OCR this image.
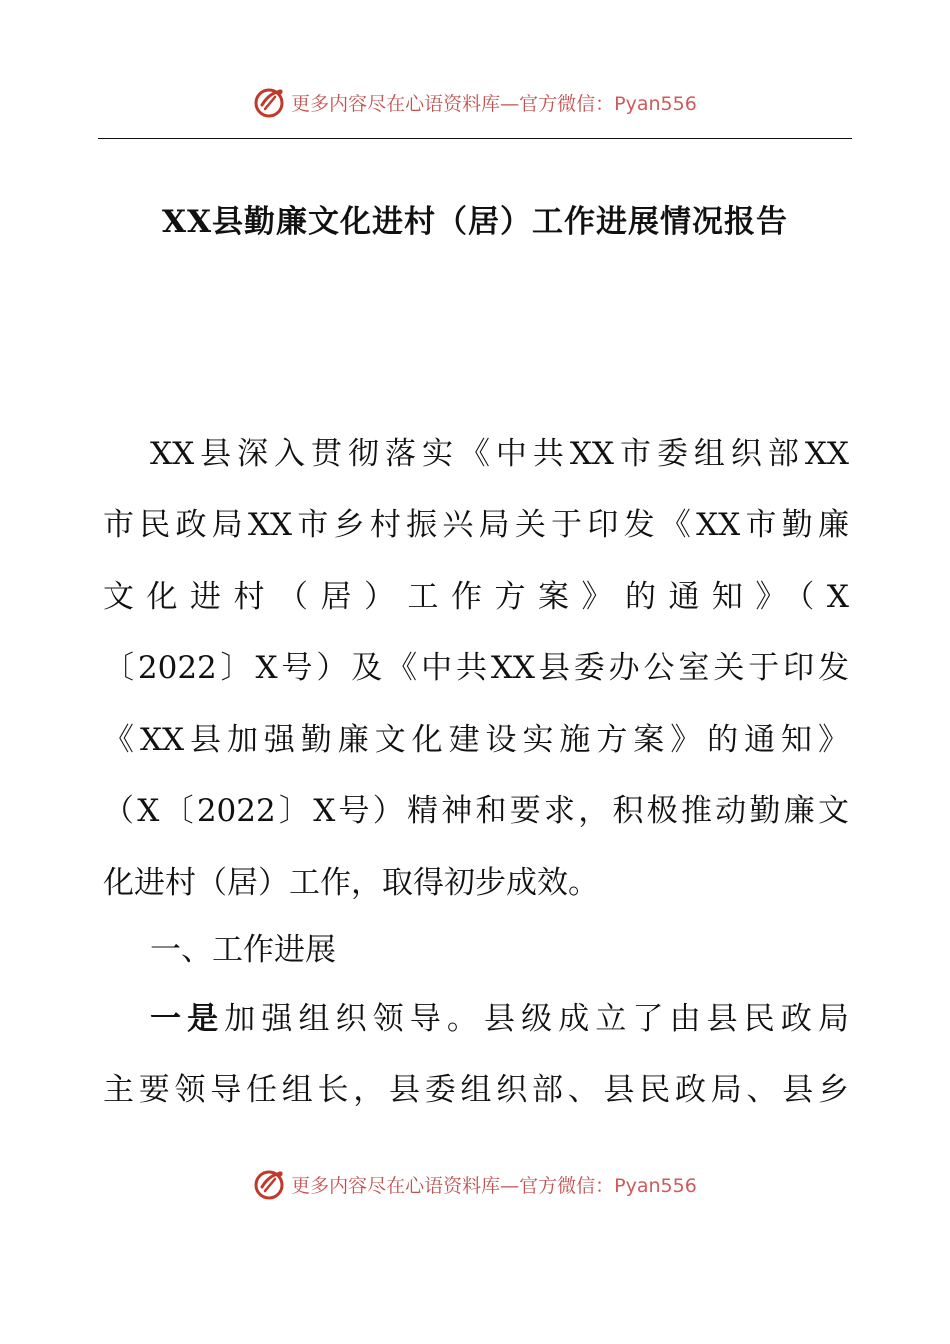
更多内容尽在心语资料库—官方微信：Pyan556
XX县勤廉文化进村（居）工作进展情况报告
XX县深入贯彻落实《中共XX市委组织部XX
市民政局XX市乡村振兴局关于印发《XX市勤廉
文化进村（居）工作方案》的通知》（X
〔2022〕X号）及《中共XX县委办公室关于印发
《XX县加强勤廉文化建设实施方案》的通知》
（X〔2022〕X号）精神和要求，积极推动勤廉文
化进村（居）工作，取得初步成效。
一、工作进展
一是加强组织领导。县级成立了由县民政局
主要领导任组长，县委组织部、县民政局、县乡
更多内容尽在心语资料库—官方微信：Pyan556
